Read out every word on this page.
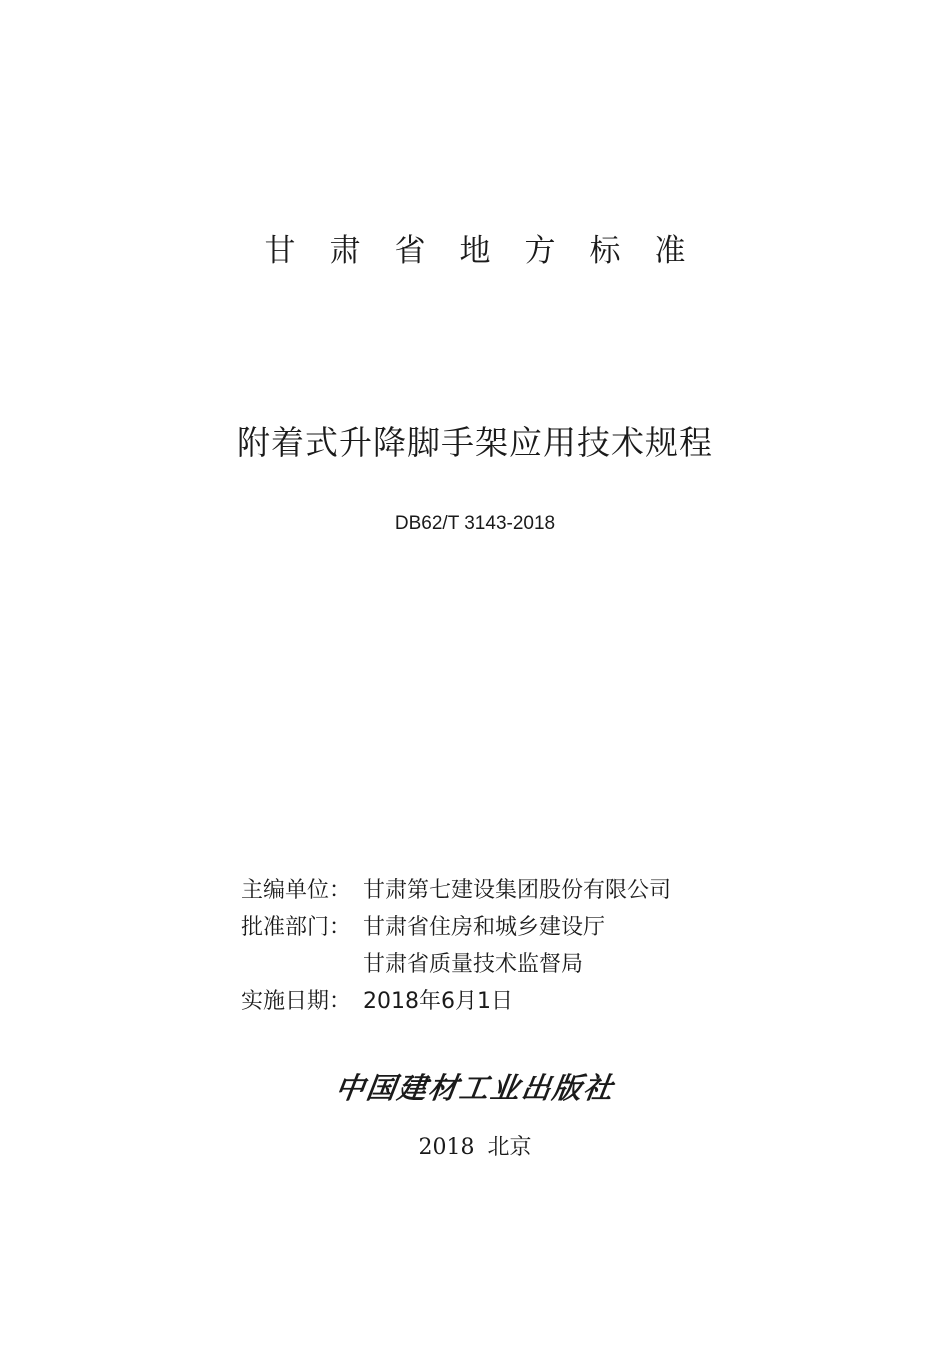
甘肃省地方标准
附着式升降脚手架应用技术规程
DB62/T 3143-2018
主编单位： 甘肃第七建设集团股份有限公司
批准部门： 甘肃省住房和城乡建设厅
甘肃省质量技术监督局
实施日期： 2018年6月1日
中国建材工业出版社
2018 北京
